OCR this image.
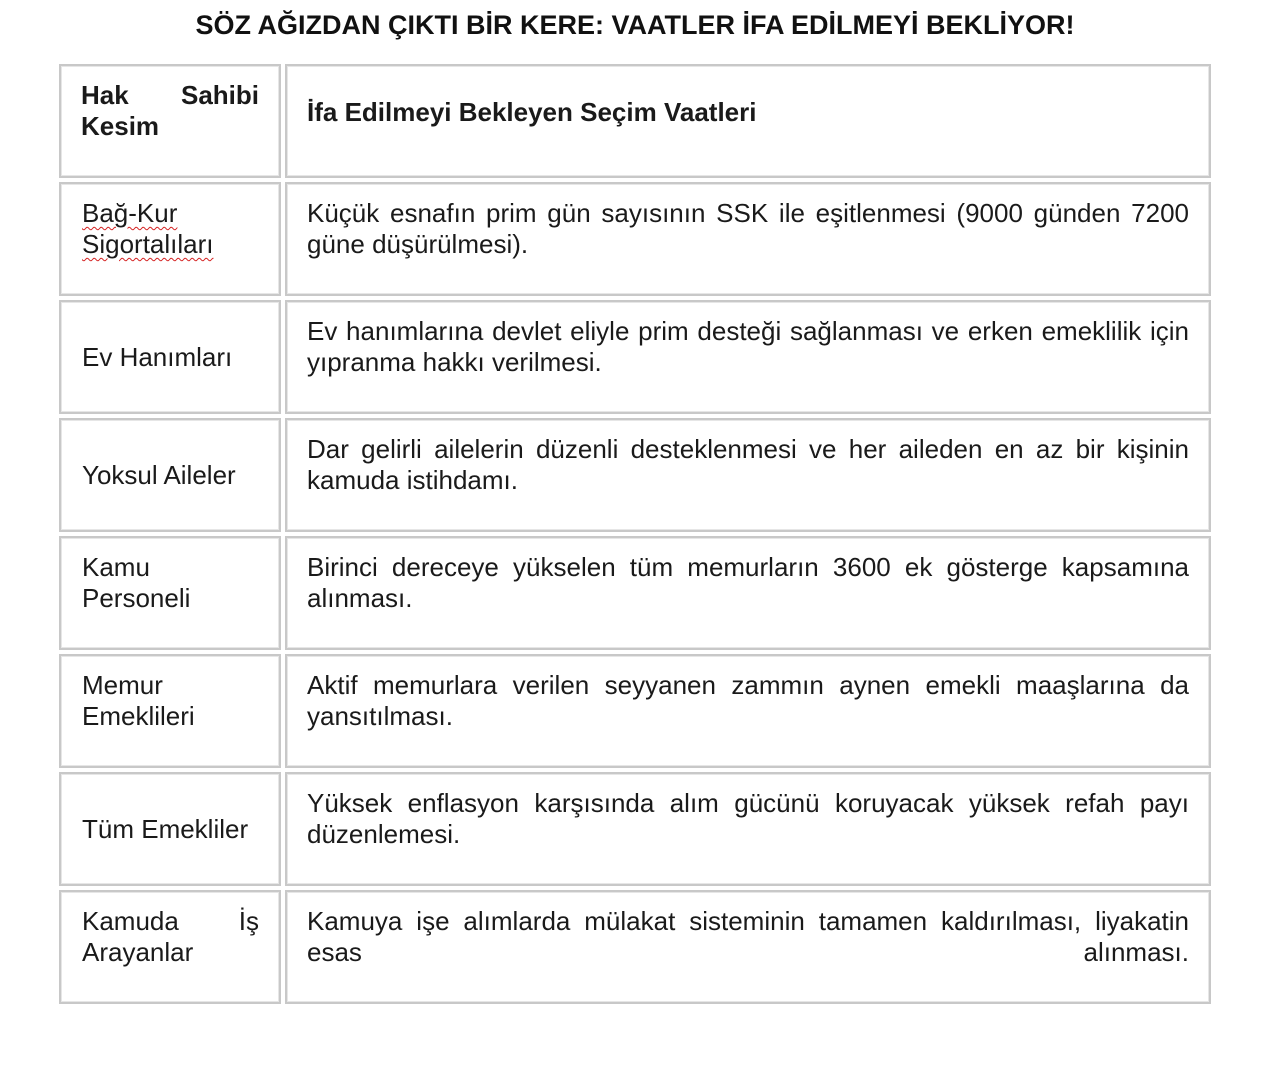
SÖZ AĞIZDAN ÇIKTI BİR KERE: VAATLER İFA EDİLMEYİ BEKLİYOR!
Hak Sahibi Kesim	İfa Edilmeyi Bekleyen Seçim Vaatleri
Bağ-Kur Sigortalıları
Küçük esnafın prim gün sayısının SSK ile eşitlenmesi (9000 günden 7200 güne düşürülmesi).
Ev Hanımları
Ev hanımlarına devlet eliyle prim desteği sağlanması ve erken emeklilik için yıpranma hakkı verilmesi.
Yoksul Aileler
Dar gelirli ailelerin düzenli desteklenmesi ve her aileden en az bir kişinin kamuda istihdamı.
Kamu Personeli
Birinci dereceye yükselen tüm memurların 3600 ek gösterge kapsamına alınması.
Memur Emeklileri
Aktif memurlara verilen seyyanen zammın aynen emekli maaşlarına da yansıtılması.
Tüm Emekliler
Yüksek enflasyon karşısında alım gücünü koruyacak yüksek refah payı düzenlemesi.
Kamuda İş Arayanlar
Kamuya işe alımlarda mülakat sisteminin tamamen kaldırılması, liyakatin esas alınması.
